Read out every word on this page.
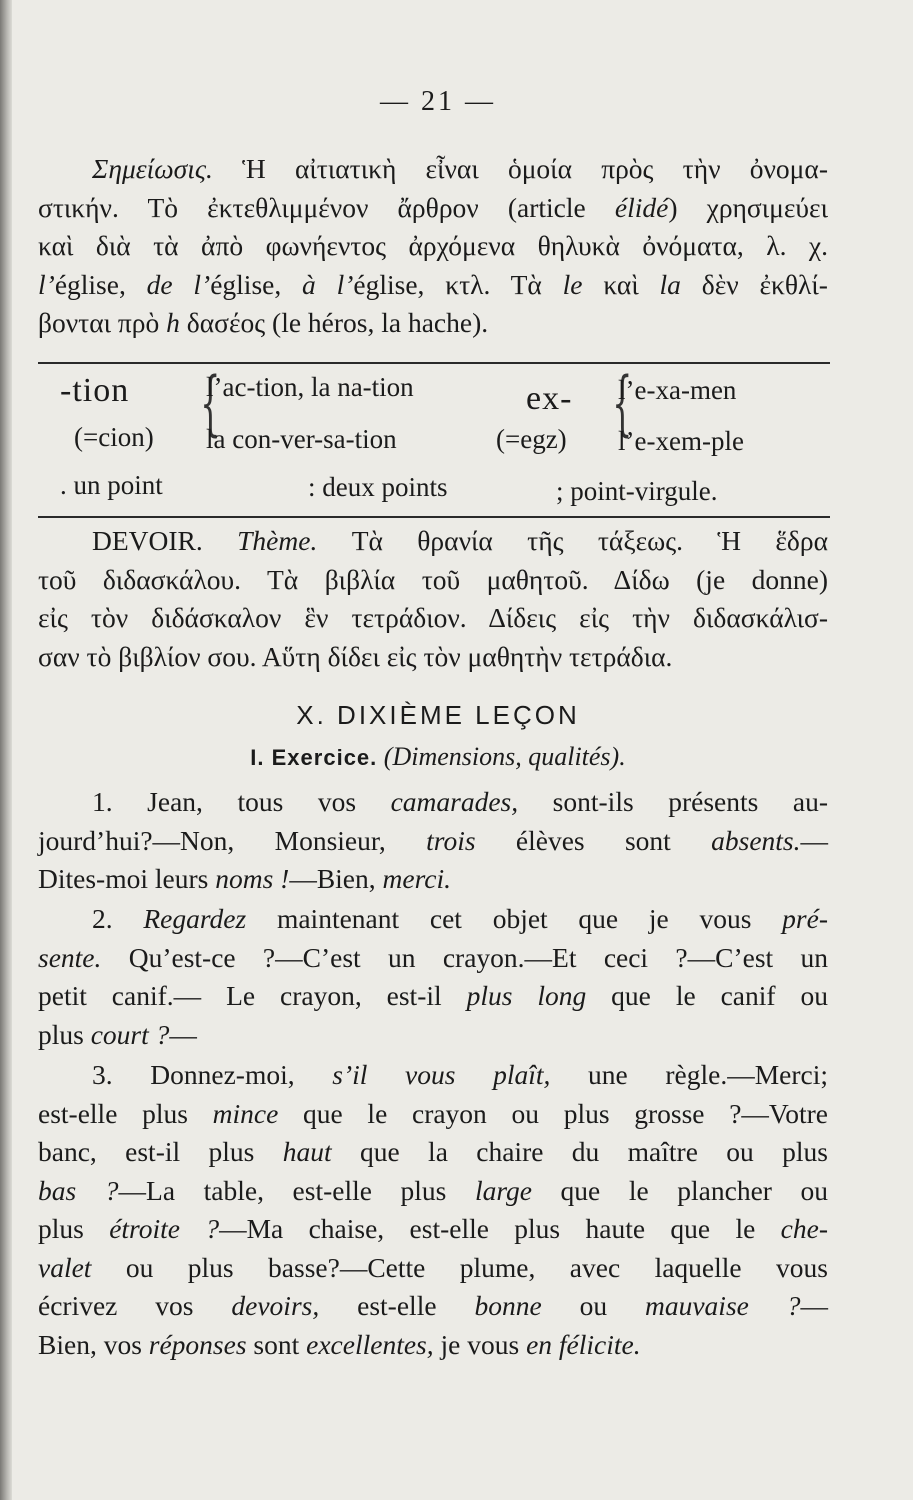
— 21 —
Σημείωσις. Ἡ αἰτιατικὴ εἶναι ὁμοία πρὸς τὴν ὀνομα-
στικήν. Τὸ ἐκτεθλιμμένον ἄρθρον (article élidé) χρησιμεύει
καὶ διὰ τὰ ἀπὸ φωνήεντος ἀρχόμενα θηλυκὰ ὀνόματα, λ. χ.
l’église, de l’église, à l’église, κτλ. Τὰ le καὶ la δὲν ἐκθλί-
βονται πρὸ h δασέος (le héros, la hache).
-tion
(=cion) {
l’ac-tion, la na-tion
la con-ver-sa-tion
ex-
(=egz) {
l’e-xa-men
l’e-xem-ple
. un point	: deux points	; point-virgule.
DEVOIR. Thème. Τὰ θρανία τῆς τάξεως. Ἡ ἕδρα
τοῦ διδασκάλου. Τὰ βιβλία τοῦ μαθητοῦ. Δίδω (je donne)
εἰς τὸν διδάσκαλον ἓν τετράδιον. Δίδεις εἰς τὴν διδασκάλισ-
σαν τὸ βιβλίον σου. Αὕτη δίδει εἰς τὸν μαθητὴν τετράδια.
X. DIXIÈME LEÇON
I. Exercice. (Dimensions, qualités).
1. Jean, tous vos camarades, sont-ils présents au-
jourd’hui?—Non, Monsieur, trois élèves sont absents.—
Dites-moi leurs noms !—Bien, merci.
2. Regardez maintenant cet objet que je vous pré-
sente. Qu’est-ce ?—C’est un crayon.—Et ceci ?—C’est un
petit canif.— Le crayon, est-il plus long que le canif ou
plus court ?—
3. Donnez-moi, s’il vous plaît, une règle.—Merci;
est-elle plus mince que le crayon ou plus grosse ?—Votre
banc, est-il plus haut que la chaire du maître ou plus
bas ?—La table, est-elle plus large que le plancher ou
plus étroite ?—Ma chaise, est-elle plus haute que le che-
valet ou plus basse?—Cette plume, avec laquelle vous
écrivez vos devoirs, est-elle bonne ou mauvaise ?—
Bien, vos réponses sont excellentes, je vous en félicite.
